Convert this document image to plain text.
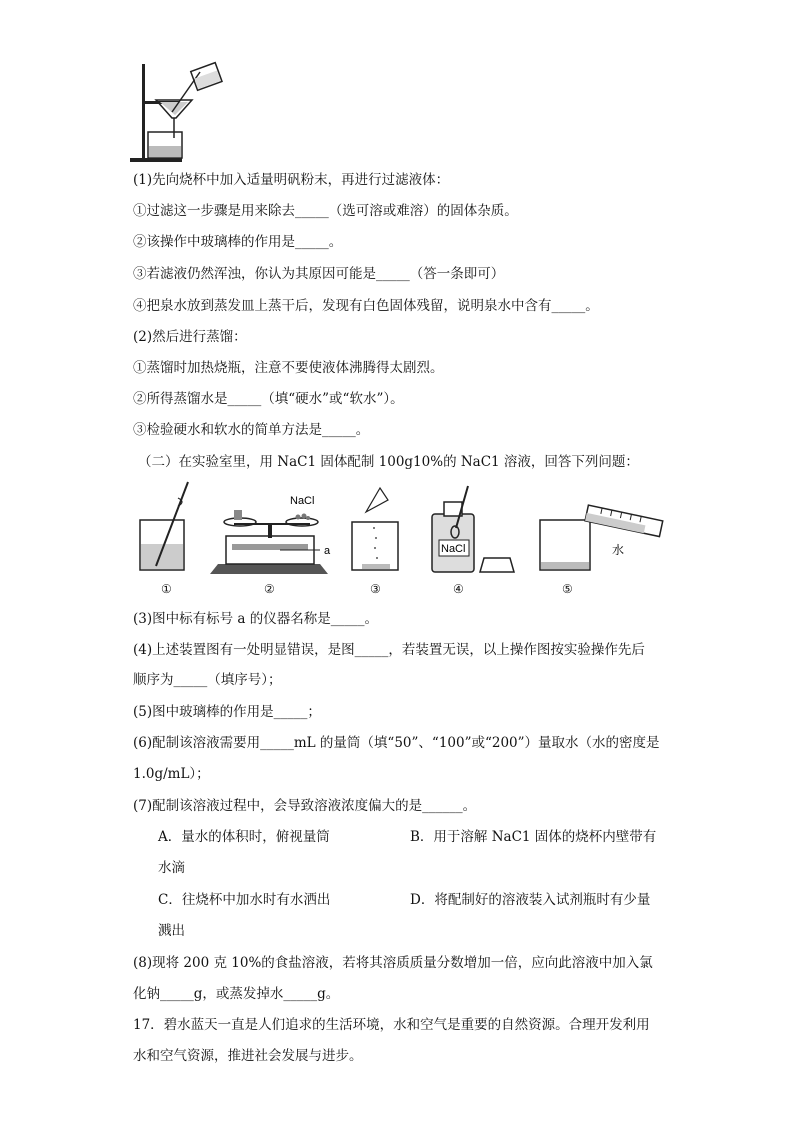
(1)先向烧杯中加入适量明矾粉末，再进行过滤液体：
①过滤这一步骤是用来除去_____（选可溶或难溶）的固体杂质。
②该操作中玻璃棒的作用是_____。
③若滤液仍然浑浊，你认为其原因可能是_____（答一条即可）
④把泉水放到蒸发皿上蒸干后，发现有白色固体残留，说明泉水中含有_____。
(2)然后进行蒸馏：
①蒸馏时加热烧瓶，注意不要使液体沸腾得太剧烈。
②所得蒸馏水是_____（填“硬水”或“软水”）。
③检验硬水和软水的简单方法是_____。
（二）在实验室里，用 NaC1 固体配制 100g10%的 NaC1 溶液，回答下列问题：
NaCl
a	NaCl	水
①	②	③	④	⑤
(3)图中标有标号 a 的仪器名称是_____。
(4)上述装置图有一处明显错误，是图_____，若装置无误，以上操作图按实验操作先后
顺序为_____（填序号）；
(5)图中玻璃棒的作用是_____；
(6)配制该溶液需要用_____mL 的量筒（填“50”、“100”或“200”）量取水（水的密度是
1.0g/mL）；
(7)配制该溶液过程中，会导致溶液浓度偏大的是______。
A．量水的体积时，俯视量筒	B．用于溶解 NaC1 固体的烧杯内壁带有
水滴
C．往烧杯中加水时有水洒出	D．将配制好的溶液装入试剂瓶时有少量
溅出
(8)现将 200 克 10%的食盐溶液，若将其溶质质量分数增加一倍，应向此溶液中加入氯
化钠_____g，或蒸发掉水_____g。
17．碧水蓝天一直是人们追求的生活环境，水和空气是重要的自然资源。合理开发利用
水和空气资源，推进社会发展与进步。
